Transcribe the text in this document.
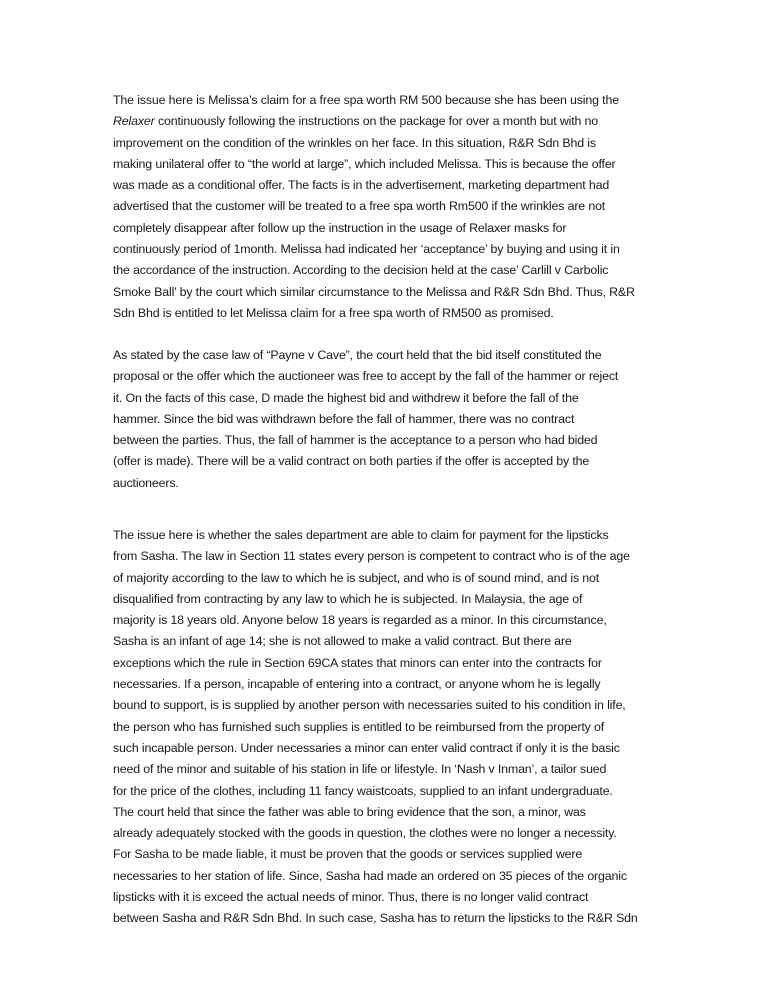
The issue here is Melissa’s claim for a free spa worth RM 500 because she has been using the
Relaxer continuously following the instructions on the package for over a month but with no
improvement on the condition of the wrinkles on her face. In this situation, R&R Sdn Bhd is
making unilateral offer to “the world at large”, which included Melissa. This is because the offer
was made as a conditional offer. The facts is in the advertisement, marketing department had
advertised that the customer will be treated to a free spa worth Rm500 if the wrinkles are not
completely disappear after follow up the instruction in the usage of Relaxer masks for
continuously period of 1month. Melissa had indicated her ‘acceptance’ by buying and using it in
the accordance of the instruction. According to the decision held at the case’ Carlill v Carbolic
Smoke Ball’ by the court which similar circumstance to the Melissa and R&R Sdn Bhd. Thus, R&R
Sdn Bhd is entitled to let Melissa claim for a free spa worth of RM500 as promised.
As stated by the case law of “Payne v Cave”, the court held that the bid itself constituted the
proposal or the offer which the auctioneer was free to accept by the fall of the hammer or reject
it. On the facts of this case, D made the highest bid and withdrew it before the fall of the
hammer. Since the bid was withdrawn before the fall of hammer, there was no contract
between the parties. Thus, the fall of hammer is the acceptance to a person who had bided
(offer is made). There will be a valid contract on both parties if the offer is accepted by the
auctioneers.
The issue here is whether the sales department are able to claim for payment for the lipsticks
from Sasha. The law in Section 11 states every person is competent to contract who is of the age
of majority according to the law to which he is subject, and who is of sound mind, and is not
disqualified from contracting by any law to which he is subjected. In Malaysia, the age of
majority is 18 years old. Anyone below 18 years is regarded as a minor. In this circumstance,
Sasha is an infant of age 14; she is not allowed to make a valid contract. But there are
exceptions which the rule in Section 69CA states that minors can enter into the contracts for
necessaries. If a person, incapable of entering into a contract, or anyone whom he is legally
bound to support, is is supplied by another person with necessaries suited to his condition in life,
the person who has furnished such supplies is entitled to be reimbursed from the property of
such incapable person. Under necessaries a minor can enter valid contract if only it is the basic
need of the minor and suitable of his station in life or lifestyle. In ‘Nash v Inman’, a tailor sued
for the price of the clothes, including 11 fancy waistcoats, supplied to an infant undergraduate.
The court held that since the father was able to bring evidence that the son, a minor, was
already adequately stocked with the goods in question, the clothes were no longer a necessity.
For Sasha to be made liable, it must be proven that the goods or services supplied were
necessaries to her station of life. Since, Sasha had made an ordered on 35 pieces of the organic
lipsticks with it is exceed the actual needs of minor. Thus, there is no longer valid contract
between Sasha and R&R Sdn Bhd. In such case, Sasha has to return the lipsticks to the R&R Sdn
